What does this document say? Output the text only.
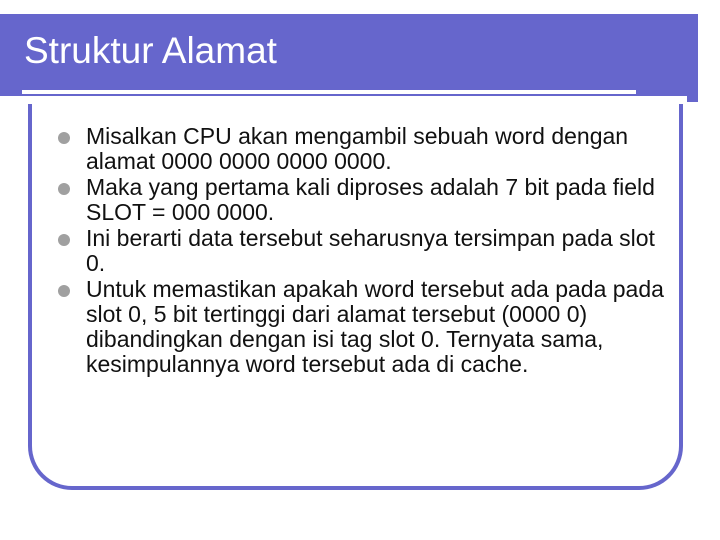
Struktur Alamat
Misalkan CPU akan mengambil sebuah word dengan alamat 0000 0000 0000 0000.
Maka yang pertama kali diproses adalah 7 bit pada field SLOT = 000 0000.
Ini berarti data tersebut seharusnya tersimpan pada slot 0.
Untuk memastikan apakah word tersebut ada pada pada slot 0, 5 bit tertinggi dari alamat tersebut (0000 0) dibandingkan dengan isi tag slot 0. Ternyata sama, kesimpulannya word tersebut ada di cache.
